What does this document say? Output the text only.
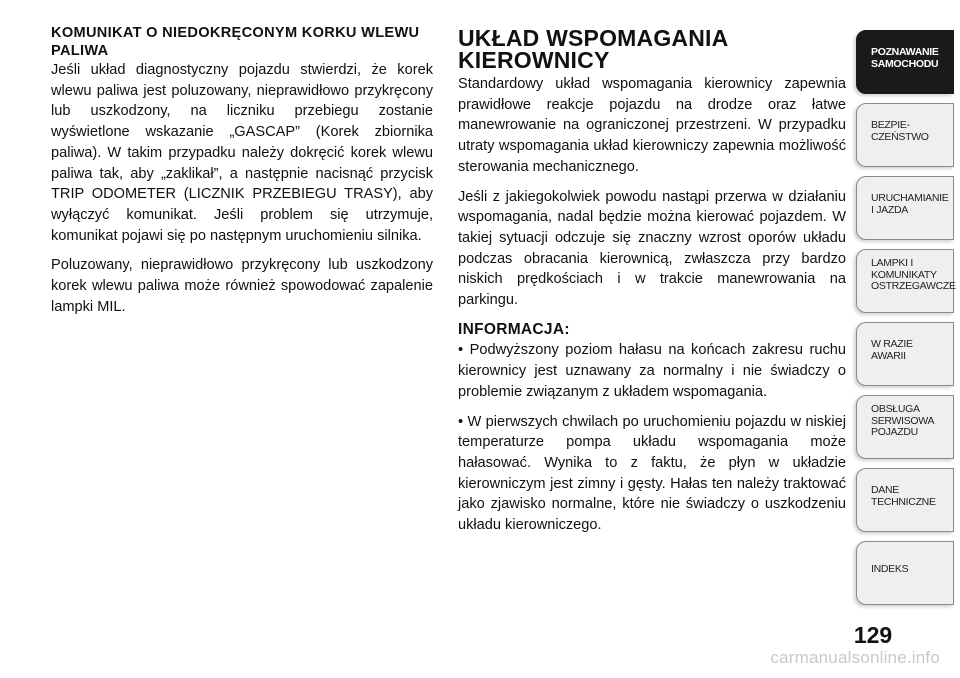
KOMUNIKAT O NIEDOKRĘCONYM KORKU WLEWU PALIWA

Jeśli układ diagnostyczny pojazdu stwierdzi, że korek wlewu paliwa jest poluzowany, nieprawidłowo przykręcony lub uszkodzony, na liczniku przebiegu zostanie wyświetlone wskazanie „GASCAP” (Korek zbiornika paliwa). W takim przypadku należy dokręcić korek wlewu paliwa tak, aby „zaklikał”, a następnie nacisnąć przycisk TRIP ODOMETER (LICZNIK PRZEBIEGU TRASY), aby wyłączyć komunikat. Jeśli problem się utrzymuje, komunikat pojawi się po następnym uruchomieniu silnika.

Poluzowany, nieprawidłowo przykręcony lub uszkodzony korek wlewu paliwa może również spowodować zapalenie lampki MIL.

UKŁAD WSPOMAGANIA KIEROWNICY

Standardowy układ wspomagania kierownicy zapewnia prawidłowe reakcje pojazdu na drodze oraz łatwe manewrowanie na ograniczonej przestrzeni. W przypadku utraty wspomagania układ kierowniczy zapewnia możliwość sterowania mechanicznego.

Jeśli z jakiegokolwiek powodu nastąpi przerwa w działaniu wspomagania, nadal będzie można kierować pojazdem. W takiej sytuacji odczuje się znaczny wzrost oporów układu podczas obracania kierownicą, zwłaszcza przy bardzo niskich prędkościach i w trakcie manewrowania na parkingu.

INFORMACJA:

• Podwyższony poziom hałasu na końcach zakresu ruchu kierownicy jest uznawany za normalny i nie świadczy o problemie związanym z układem wspomagania.

• W pierwszych chwilach po uruchomieniu pojazdu w niskiej temperaturze pompa układu wspomagania może hałasować. Wynika to z faktu, że płyn w układzie kierowniczym jest zimny i gęsty. Hałas ten należy traktować jako zjawisko normalne, które nie świadczy o uszkodzeniu układu kierowniczego.

POZNAWANIE
SAMOCHODU
BEZPIE-
CZEŃSTWO
URUCHAMIANIE
I JAZDA
LAMPKI I
KOMUNIKATY
OSTRZEGAWCZE
W RAZIE
AWARII
OBSŁUGA
SERWISOWA
POJAZDU
DANE
TECHNICZNE
INDEKS
129
carmanualsonline.info
